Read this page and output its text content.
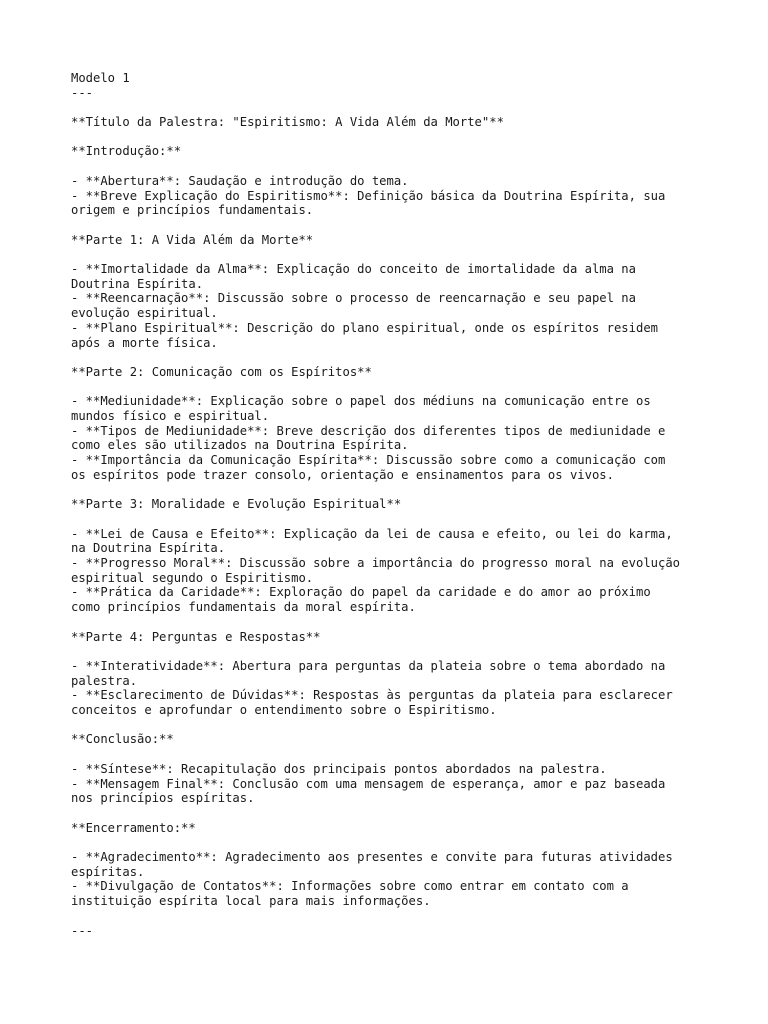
Modelo 1
---
**Título da Palestra: "Espiritismo: A Vida Além da Morte"**
**Introdução:**
- **Abertura**: Saudação e introdução do tema.
- **Breve Explicação do Espiritismo**: Definição básica da Doutrina Espírita, sua
origem e princípios fundamentais.
**Parte 1: A Vida Além da Morte**
- **Imortalidade da Alma**: Explicação do conceito de imortalidade da alma na
Doutrina Espírita.
- **Reencarnação**: Discussão sobre o processo de reencarnação e seu papel na
evolução espiritual.
- **Plano Espiritual**: Descrição do plano espiritual, onde os espíritos residem
após a morte física.
**Parte 2: Comunicação com os Espíritos**
- **Mediunidade**: Explicação sobre o papel dos médiuns na comunicação entre os
mundos físico e espiritual.
- **Tipos de Mediunidade**: Breve descrição dos diferentes tipos de mediunidade e
como eles são utilizados na Doutrina Espírita.
- **Importância da Comunicação Espírita**: Discussão sobre como a comunicação com
os espíritos pode trazer consolo, orientação e ensinamentos para os vivos.
**Parte 3: Moralidade e Evolução Espiritual**
- **Lei de Causa e Efeito**: Explicação da lei de causa e efeito, ou lei do karma,
na Doutrina Espírita.
- **Progresso Moral**: Discussão sobre a importância do progresso moral na evolução
espiritual segundo o Espiritismo.
- **Prática da Caridade**: Exploração do papel da caridade e do amor ao próximo
como princípios fundamentais da moral espírita.
**Parte 4: Perguntas e Respostas**
- **Interatividade**: Abertura para perguntas da plateia sobre o tema abordado na
palestra.
- **Esclarecimento de Dúvidas**: Respostas às perguntas da plateia para esclarecer
conceitos e aprofundar o entendimento sobre o Espiritismo.
**Conclusão:**
- **Síntese**: Recapitulação dos principais pontos abordados na palestra.
- **Mensagem Final**: Conclusão com uma mensagem de esperança, amor e paz baseada
nos princípios espíritas.
**Encerramento:**
- **Agradecimento**: Agradecimento aos presentes e convite para futuras atividades
espíritas.
- **Divulgação de Contatos**: Informações sobre como entrar em contato com a
instituição espírita local para mais informações.
---
